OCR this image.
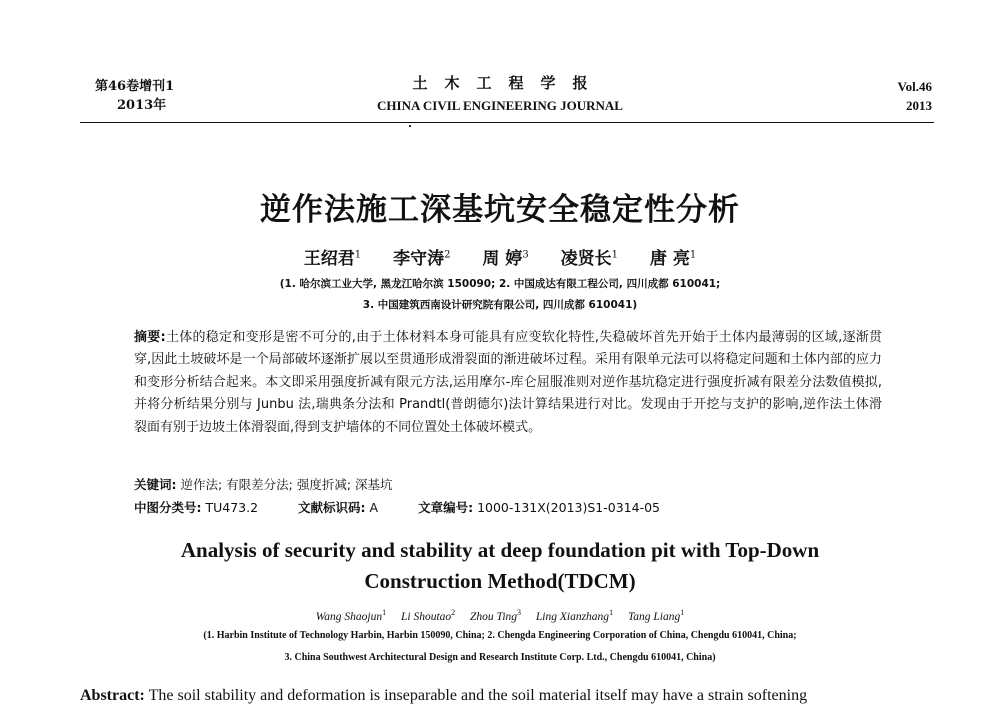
第46卷增刊1
2013年
土木工程学报
CHINA CIVIL ENGINEERING JOURNAL
Vol.46
2013
逆作法施工深基坑安全稳定性分析
王绍君$^1$ 李守涛$^2$ 周 婷$^3$ 凌贤长$^1$ 唐 亮$^1$
(1. 哈尔滨工业大学, 黑龙江哈尔滨 150090; 2. 中国成达有限工程公司, 四川成都 610041;
3. 中国建筑西南设计研究院有限公司, 四川成都 610041)
摘要:土体的稳定和变形是密不可分的,由于土体材料本身可能具有应变软化特性,失稳破坏首先开始于土体内最薄弱的区域,逐渐贯穿,因此土坡破坏是一个局部破坏逐渐扩展以至贯通形成滑裂面的渐进破坏过程。采用有限单元法可以将稳定问题和土体内部的应力和变形分析结合起来。本文即采用强度折减有限元方法,运用摩尔-库仑屈服准则对逆作基坑稳定进行强度折减有限差分法数值模拟,并将分析结果分别与 Junbu 法,瑞典条分法和 Prandtl(普朗德尔)法计算结果进行对比。发现由于开挖与支护的影响,逆作法土体滑裂面有别于边坡土体滑裂面,得到支护墙体的不同位置处土体破坏模式。
关键词: 逆作法; 有限差分法; 强度折减; 深基坑
中图分类号: TU473.2	文献标识码: A	文章编号: 1000-131X(2013)S1-0314-05
Analysis of security and stability at deep foundation pit with Top-Down
Construction Method(TDCM)
Wang Shaojun$^1$ Li Shoutao$^2$ Zhou Ting$^3$ Ling Xianzhang$^1$ Tang Liang$^1$
(1. Harbin Institute of Technology Harbin, Harbin 150090, China; 2. Chengda Engineering Corporation of China, Chengdu 610041, China;
3. China Southwest Architectural Design and Research Institute Corp. Ltd., Chengdu 610041, China)
Abstract: The soil stability and deformation is inseparable and the soil material itself may have a strain softening
